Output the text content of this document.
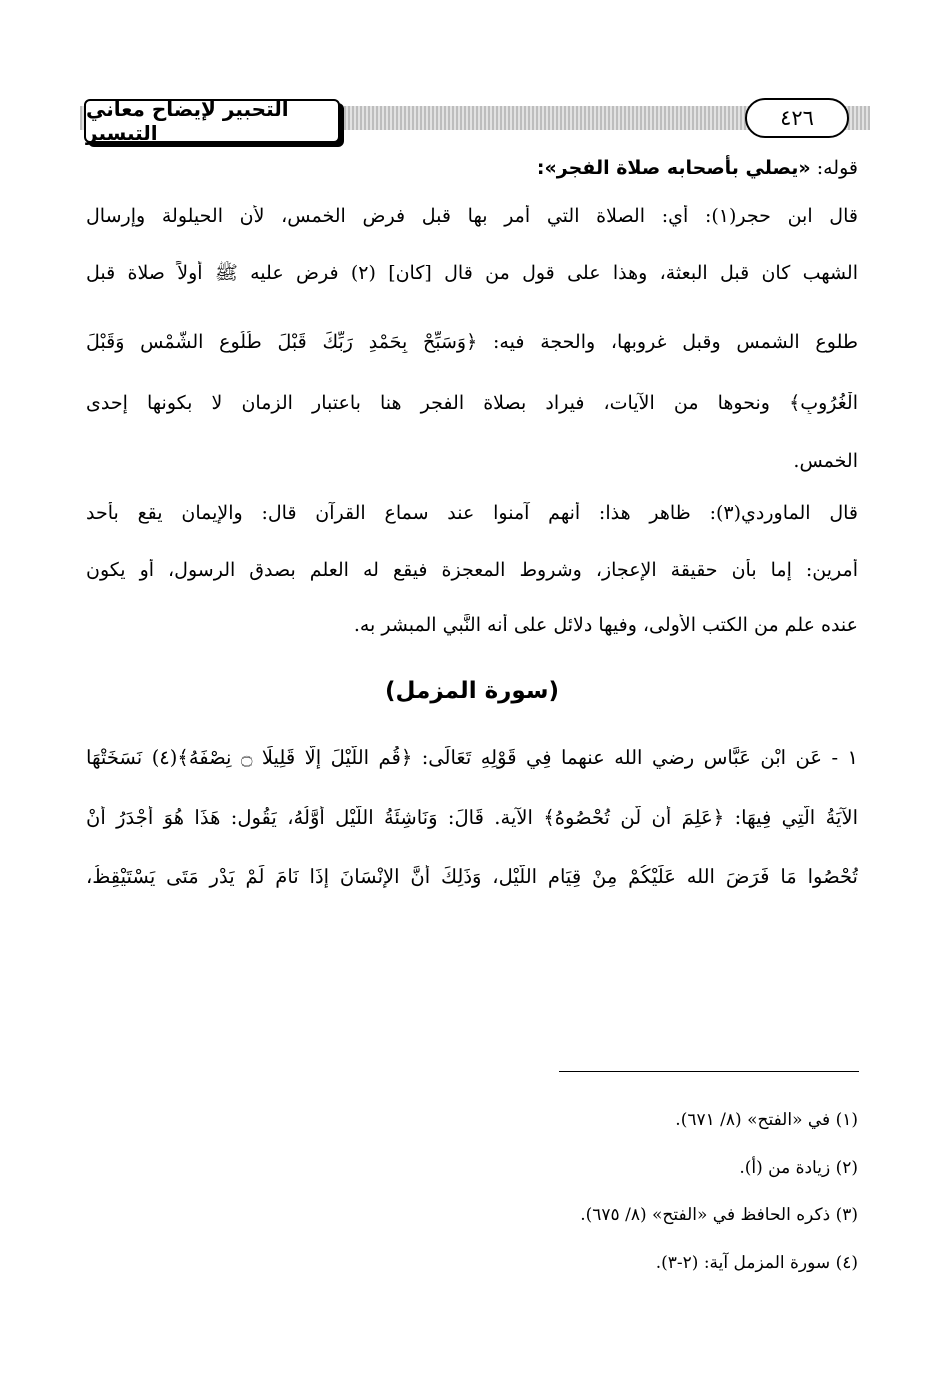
التحبير لإيضاح معاني التيسير
٤٢٦
قوله: «يصلي بأصحابه صلاة الفجر»:
قال ابن حجر(١): أي: الصلاة التي أمر بها قبل فرض الخمس، لأن الحيلولة وإرسال
الشهب كان قبل البعثة، وهذا على قول من قال [كان] (٢) فرض عليه ﷺ أولاً صلاة قبل
طلوع الشمس وقبل غروبها، والحجة فيه: ﴿وَسَبِّحْ بِحَمْدِ رَبِّكَ قَبْلَ طُلُوعِ الشَّمْسِ وَقَبْلَ
الْغُرُوبِ﴾ ونحوها من الآيات، فيراد بصلاة الفجر هنا باعتبار الزمان لا بكونها إحدى
الخمس.
قال الماوردي(٣): ظاهر هذا: أنهم آمنوا عند سماع القرآن قال: والإيمان يقع بأحد
أمرين: إما بأن حقيقة الإعجاز، وشروط المعجزة فيقع له العلم بصدق الرسول، أو يكون
عنده علم من الكتب الأولى، وفيها دلائل على أنه النَّبي المبشر به.
(سورة المزمل)
١ - عَنِ ابْنِ عَبَّاسٍ رضي الله عنهما فِي قَوْلِهِ تَعَالَى: ﴿قُمِ اللَّيْلَ إِلَّا قَلِيلًا ۝ نِصْفَهُ﴾(٤) نَسَخَتْهَا
الآيَةُ الَّتِي فِيهَا: ﴿عَلِمَ أَن لَّن تُحْصُوهُ﴾ الآية. قَالَ: وَنَاشِئَةُ اللَّيْلِ أَوَّلُهُ، يَقُول: هَذَا هُوَ أَجْدَرُ أَنْ
تُحْصُوا مَا فَرَضَ الله عَلَيْكُمْ مِنْ قِيَامِ اللَّيْلِ، وَذَلِكَ أَنَّ الإِنْسَانَ إِذَا نَامَ لَمْ يَدْرِ مَتَى يَسْتَيْقِظُ،
(١) في «الفتح» (٨/ ٦٧١).
(٢) زيادة من (أ).
(٣) ذكره الحافظ في «الفتح» (٨/ ٦٧٥).
(٤) سورة المزمل آية: (٢-٣).
